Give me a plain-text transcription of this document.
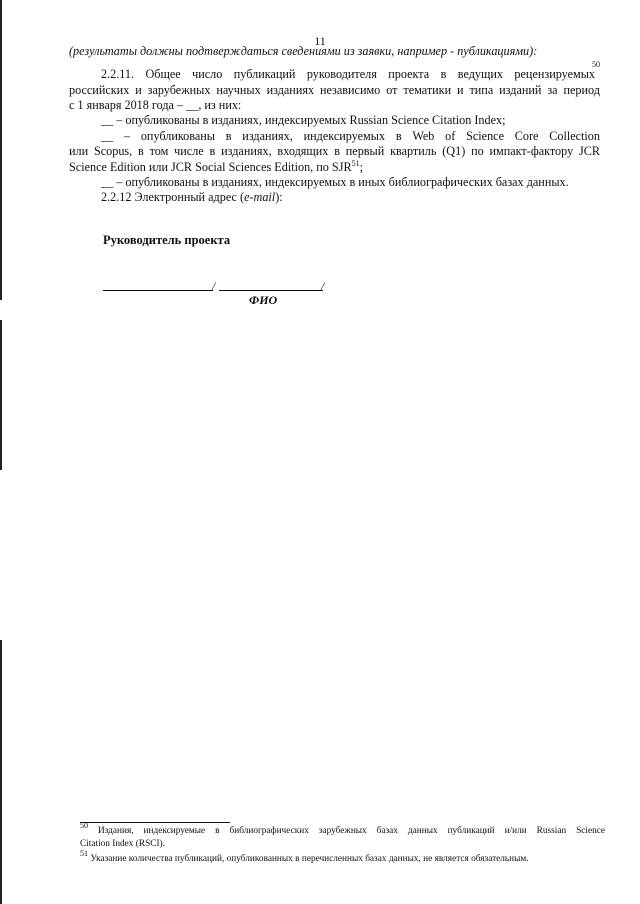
11
(результаты должны подтверждаться сведениями из заявки, например - публикациями):
2.2.11. Общее число публикаций руководителя проекта в ведущих рецензируемых
50
российских и зарубежных научных изданиях независимо от тематики и типа изданий за период
с 1 января 2018 года – __, из них:
__ – опубликованы в изданиях, индексируемых Russian Science Citation Index;
__ – опубликованы в изданиях, индексируемых в Web of Science Core Collection
или Scopus, в том числе в изданиях, входящих в первый квартиль (Q1) по импакт-фактору JCR
Science Edition или JCR Social Sciences Edition, по SJR$^{51}$;
__ – опубликованы в изданиях, индексируемых в иных библиографических базах данных.
2.2.12 Электронный адрес (e-mail):
Руководитель проекта
/	/
ФИО
$^{50}$ Издания, индексируемые в библиографических зарубежных базах данных публикаций и/или Russian Science
Citation Index (RSCI).
$^{51}$ Указание количества публикаций, опубликованных в перечисленных базах данных, не является обязательным.
